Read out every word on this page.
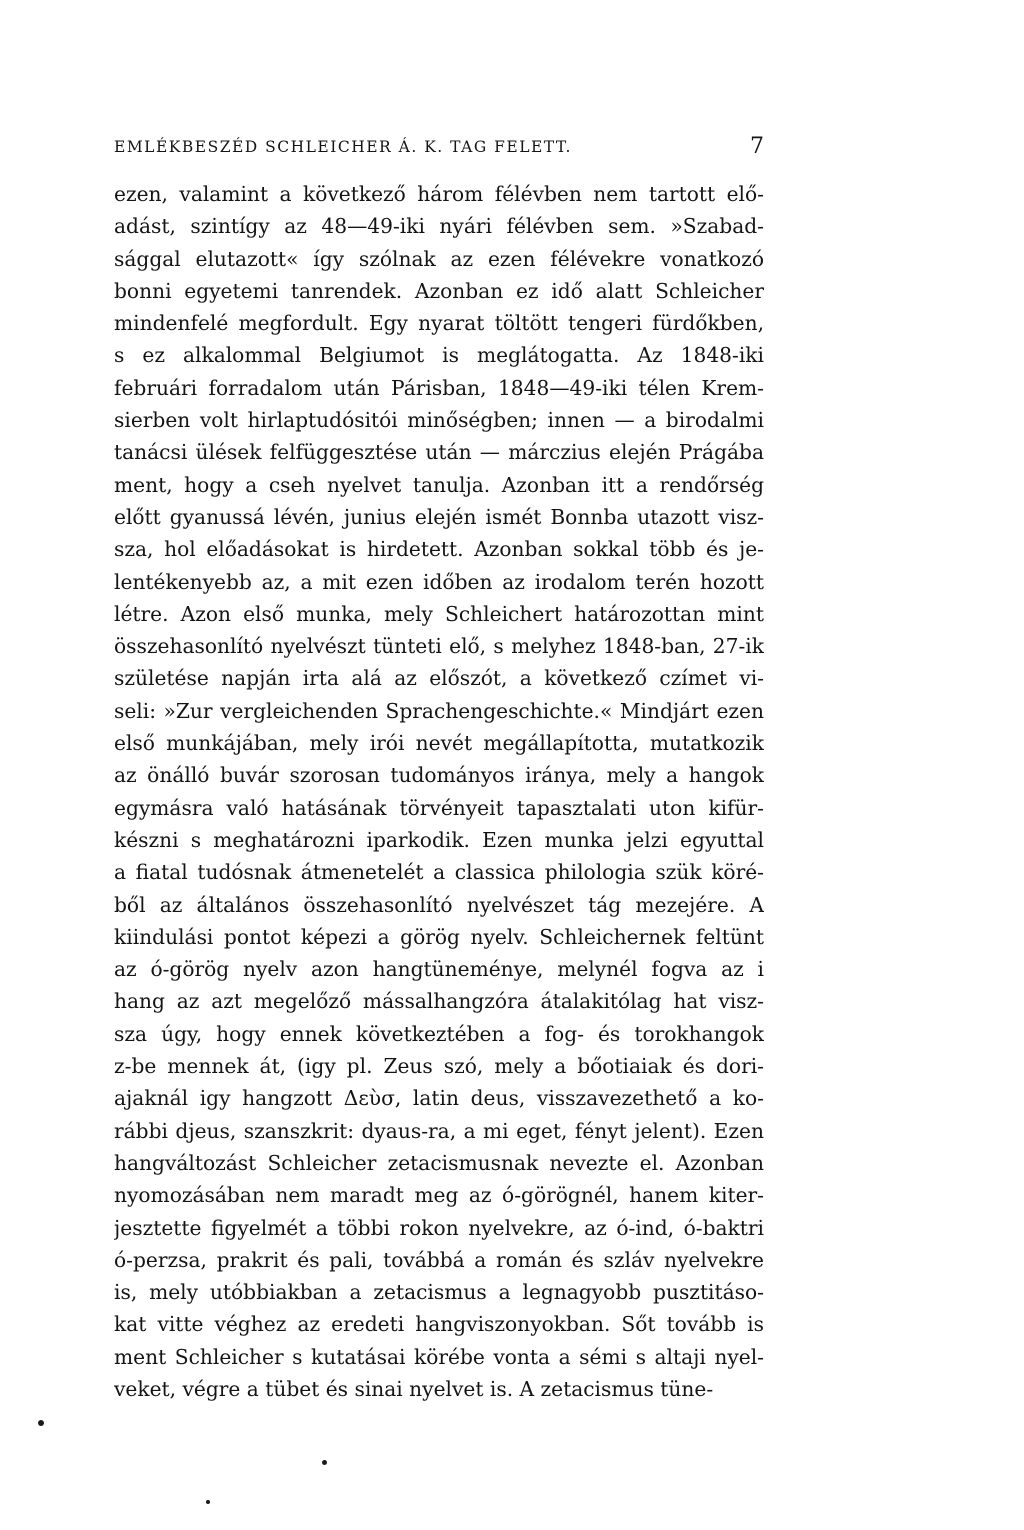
EMLÉKBESZÉD SCHLEICHER Á. K. TAG FELETT.	7
ezen, valamint a következő három félévben nem tartott elő-
adást, szintígy az 48—49-iki nyári félévben sem. »Szabad-
sággal elutazott« így szólnak az ezen félévekre vonatkozó
bonni egyetemi tanrendek. Azonban ez idő alatt Schleicher
mindenfelé megfordult. Egy nyarat töltött tengeri fürdőkben,
s ez alkalommal Belgiumot is meglátogatta. Az 1848-iki
februári forradalom után Párisban, 1848—49-iki télen Krem-
sierben volt hirlaptudósitói minőségben; innen — a birodalmi
tanácsi ülések felfüggesztése után — márczius elején Prágába
ment, hogy a cseh nyelvet tanulja. Azonban itt a rendőrség
előtt gyanussá lévén, junius elején ismét Bonnba utazott visz-
sza, hol előadásokat is hirdetett. Azonban sokkal több és je-
lentékenyebb az, a mit ezen időben az irodalom terén hozott
létre. Azon első munka, mely Schleichert határozottan mint
összehasonlító nyelvészt tünteti elő, s melyhez 1848-ban, 27-ik
születése napján irta alá az előszót, a következő czímet vi-
seli: »Zur vergleichenden Sprachengeschichte.« Mindjárt ezen
első munkájában, mely irói nevét megállapította, mutatkozik
az önálló buvár szorosan tudományos iránya, mely a hangok
egymásra való hatásának törvényeit tapasztalati uton kifür-
készni s meghatározni iparkodik. Ezen munka jelzi egyuttal
a fiatal tudósnak átmenetelét a classica philologia szük köré-
ből az általános összehasonlító nyelvészet tág mezejére. A
kiindulási pontot képezi a görög nyelv. Schleichernek feltünt
az ó-görög nyelv azon hangtüneménye, melynél fogva az i
hang az azt megelőző mássalhangzóra átalakitólag hat visz-
sza úgy, hogy ennek következtében a fog- és torokhangok
z-be mennek át, (igy pl. Zeus szó, mely a bőotiaiak és dori-
ajaknál igy hangzott Δεὺσ, latin deus, visszavezethető a ko-
rábbi djeus, szanszkrit: dyaus-ra, a mi eget, fényt jelent). Ezen
hangváltozást Schleicher zetacismusnak nevezte el. Azonban
nyomozásában nem maradt meg az ó-görögnél, hanem kiter-
jesztette figyelmét a többi rokon nyelvekre, az ó-ind, ó-baktri
ó-perzsa, prakrit és pali, továbbá a román és szláv nyelvekre
is, mely utóbbiakban a zetacismus a legnagyobb pusztitáso-
kat vitte véghez az eredeti hangviszonyokban. Sőt tovább is
ment Schleicher s kutatásai körébe vonta a sémi s altaji nyel-
veket, végre a tübet és sinai nyelvet is. A zetacismus tüne-
